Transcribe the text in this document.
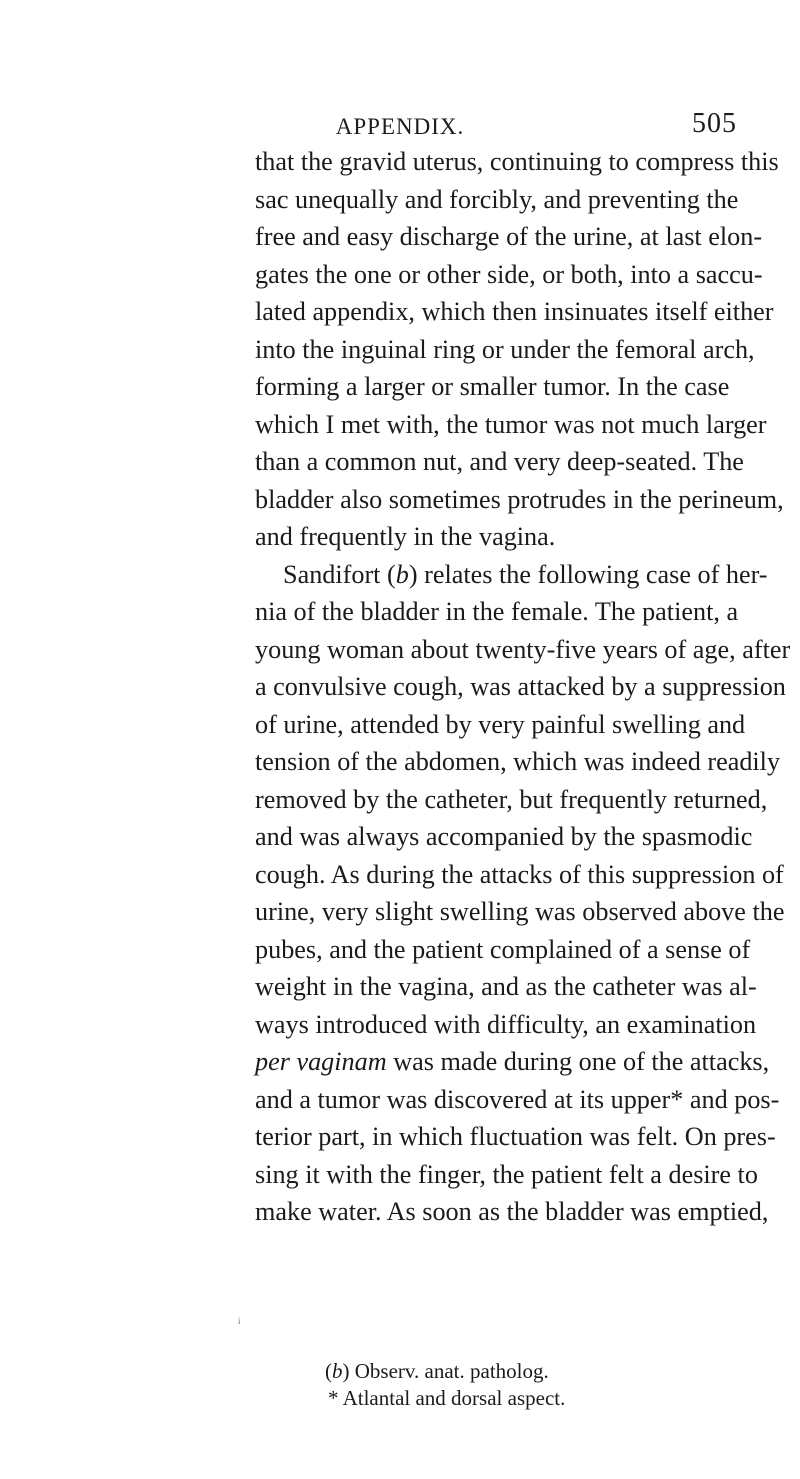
APPENDIX.	505
that the gravid uterus, continuing to compress this
sac unequally and forcibly, and preventing the
free and easy discharge of the urine, at last elon-
gates the one or other side, or both, into a saccu-
lated appendix, which then insinuates itself either
into the inguinal ring or under the femoral arch,
forming a larger or smaller tumor. In the case
which I met with, the tumor was not much larger
than a common nut, and very deep-seated. The
bladder also sometimes protrudes in the perineum,
and frequently in the vagina.
Sandifort (b) relates the following case of her-
nia of the bladder in the female. The patient, a
young woman about twenty-five years of age, after
a convulsive cough, was attacked by a suppression
of urine, attended by very painful swelling and
tension of the abdomen, which was indeed readily
removed by the catheter, but frequently returned,
and was always accompanied by the spasmodic
cough. As during the attacks of this suppression of
urine, very slight swelling was observed above the
pubes, and the patient complained of a sense of
weight in the vagina, and as the catheter was al-
ways introduced with difficulty, an examination
per vaginam was made during one of the attacks,
and a tumor was discovered at its upper* and pos-
terior part, in which fluctuation was felt. On pres-
sing it with the finger, the patient felt a desire to
make water. As soon as the bladder was emptied,
i
(b) Observ. anat. patholog.
* Atlantal and dorsal aspect.
